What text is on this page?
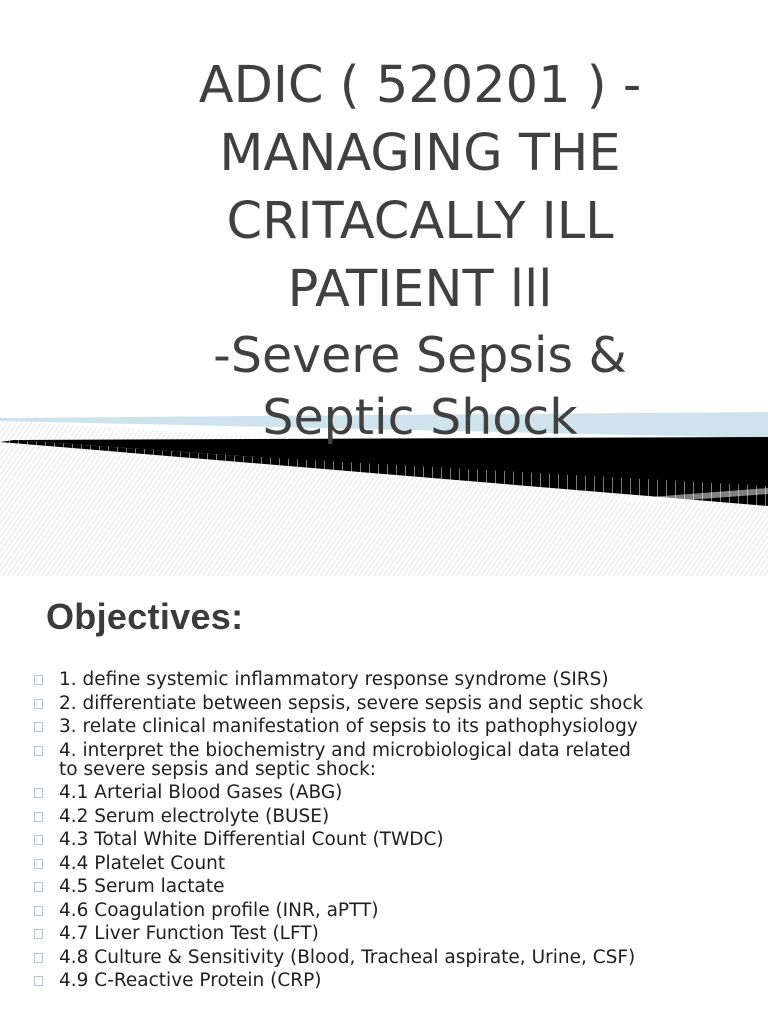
ADIC ( 520201 ) -
MANAGING THE
CRITACALLY ILL
PATIENT lll
-Severe Sepsis &
Septic Shock
Objectives:
1. define systemic inflammatory response syndrome (SIRS)
2. differentiate between sepsis, severe sepsis and septic shock
3. relate clinical manifestation of sepsis to its pathophysiology
4. interpret the biochemistry and microbiological data related
to severe sepsis and septic shock:
4.1 Arterial Blood Gases (ABG)
4.2 Serum electrolyte (BUSE)
4.3 Total White Differential Count (TWDC)
4.4 Platelet Count
4.5 Serum lactate
4.6 Coagulation profile (INR, aPTT)
4.7 Liver Function Test (LFT)
4.8 Culture & Sensitivity (Blood, Tracheal aspirate, Urine, CSF)
4.9 C-Reactive Protein (CRP)
